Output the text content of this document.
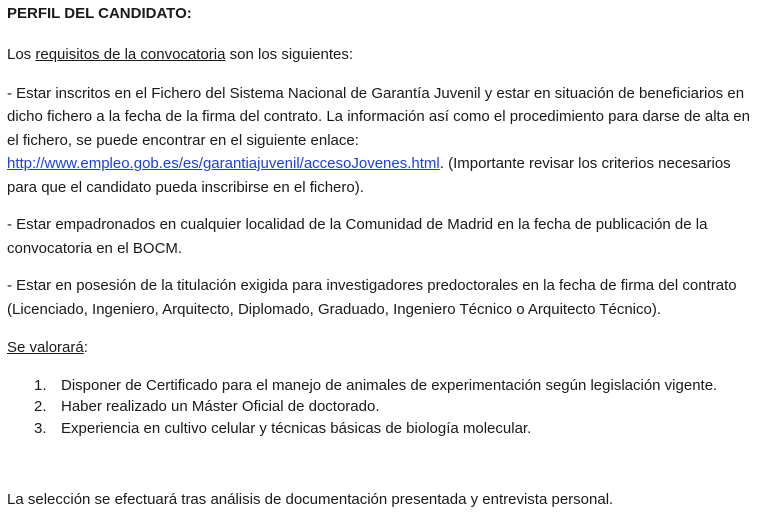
PERFIL DEL CANDIDATO:

Los requisitos de la convocatoria son los siguientes:

- Estar inscritos en el Fichero del Sistema Nacional de Garantía Juvenil y estar en situación de beneficiarios en dicho fichero a la fecha de la firma del contrato. La información así como el procedimiento para darse de alta en el fichero, se puede encontrar en el siguiente enlace:
http://www.empleo.gob.es/es/garantiajuvenil/accesoJovenes.html. (Importante revisar los criterios necesarios para que el candidato pueda inscribirse en el fichero).

- Estar empadronados en cualquier localidad de la Comunidad de Madrid en la fecha de publicación de la convocatoria en el BOCM.

- Estar en posesión de la titulación exigida para investigadores predoctorales en la fecha de firma del contrato (Licenciado, Ingeniero, Arquitecto, Diplomado, Graduado, Ingeniero Técnico o Arquitecto Técnico).

Se valorará:

1. Disponer de Certificado para el manejo de animales de experimentación según legislación vigente.
2. Haber realizado un Máster Oficial de doctorado.
3. Experiencia en cultivo celular y técnicas básicas de biología molecular.

La selección se efectuará tras análisis de documentación presentada y entrevista personal.
